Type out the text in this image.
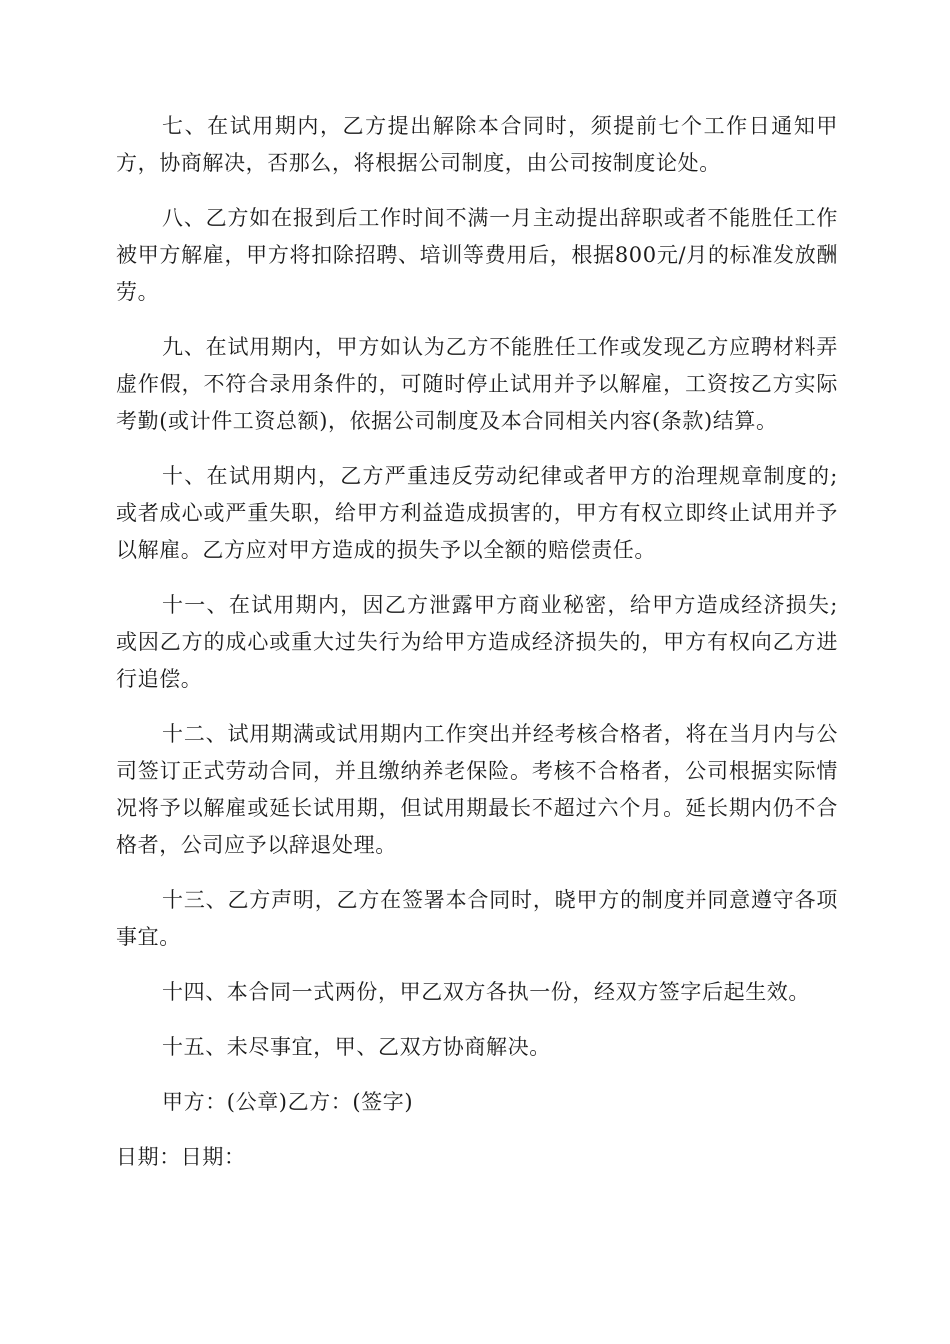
七、在试用期内，乙方提出解除本合同时，须提前七个工作日通知甲方，协商解决，否那么，将根据公司制度，由公司按制度论处。

八、乙方如在报到后工作时间不满一月主动提出辞职或者不能胜任工作被甲方解雇，甲方将扣除招聘、培训等费用后，根据800元/月的标准发放酬劳。

九、在试用期内，甲方如认为乙方不能胜任工作或发现乙方应聘材料弄虚作假，不符合录用条件的，可随时停止试用并予以解雇，工资按乙方实际考勤(或计件工资总额)，依据公司制度及本合同相关内容(条款)结算。

十、在试用期内，乙方严重违反劳动纪律或者甲方的治理规章制度的;或者成心或严重失职，给甲方利益造成损害的，甲方有权立即终止试用并予以解雇。乙方应对甲方造成的损失予以全额的赔偿责任。

十一、在试用期内，因乙方泄露甲方商业秘密，给甲方造成经济损失;或因乙方的成心或重大过失行为给甲方造成经济损失的，甲方有权向乙方进行追偿。

十二、试用期满或试用期内工作突出并经考核合格者，将在当月内与公司签订正式劳动合同，并且缴纳养老保险。考核不合格者，公司根据实际情况将予以解雇或延长试用期，但试用期最长不超过六个月。延长期内仍不合格者，公司应予以辞退处理。

十三、乙方声明，乙方在签署本合同时，晓甲方的制度并同意遵守各项事宜。

十四、本合同一式两份，甲乙双方各执一份，经双方签字后起生效。

十五、未尽事宜，甲、乙双方协商解决。

甲方：(公章)乙方：(签字)

日期：日期：
